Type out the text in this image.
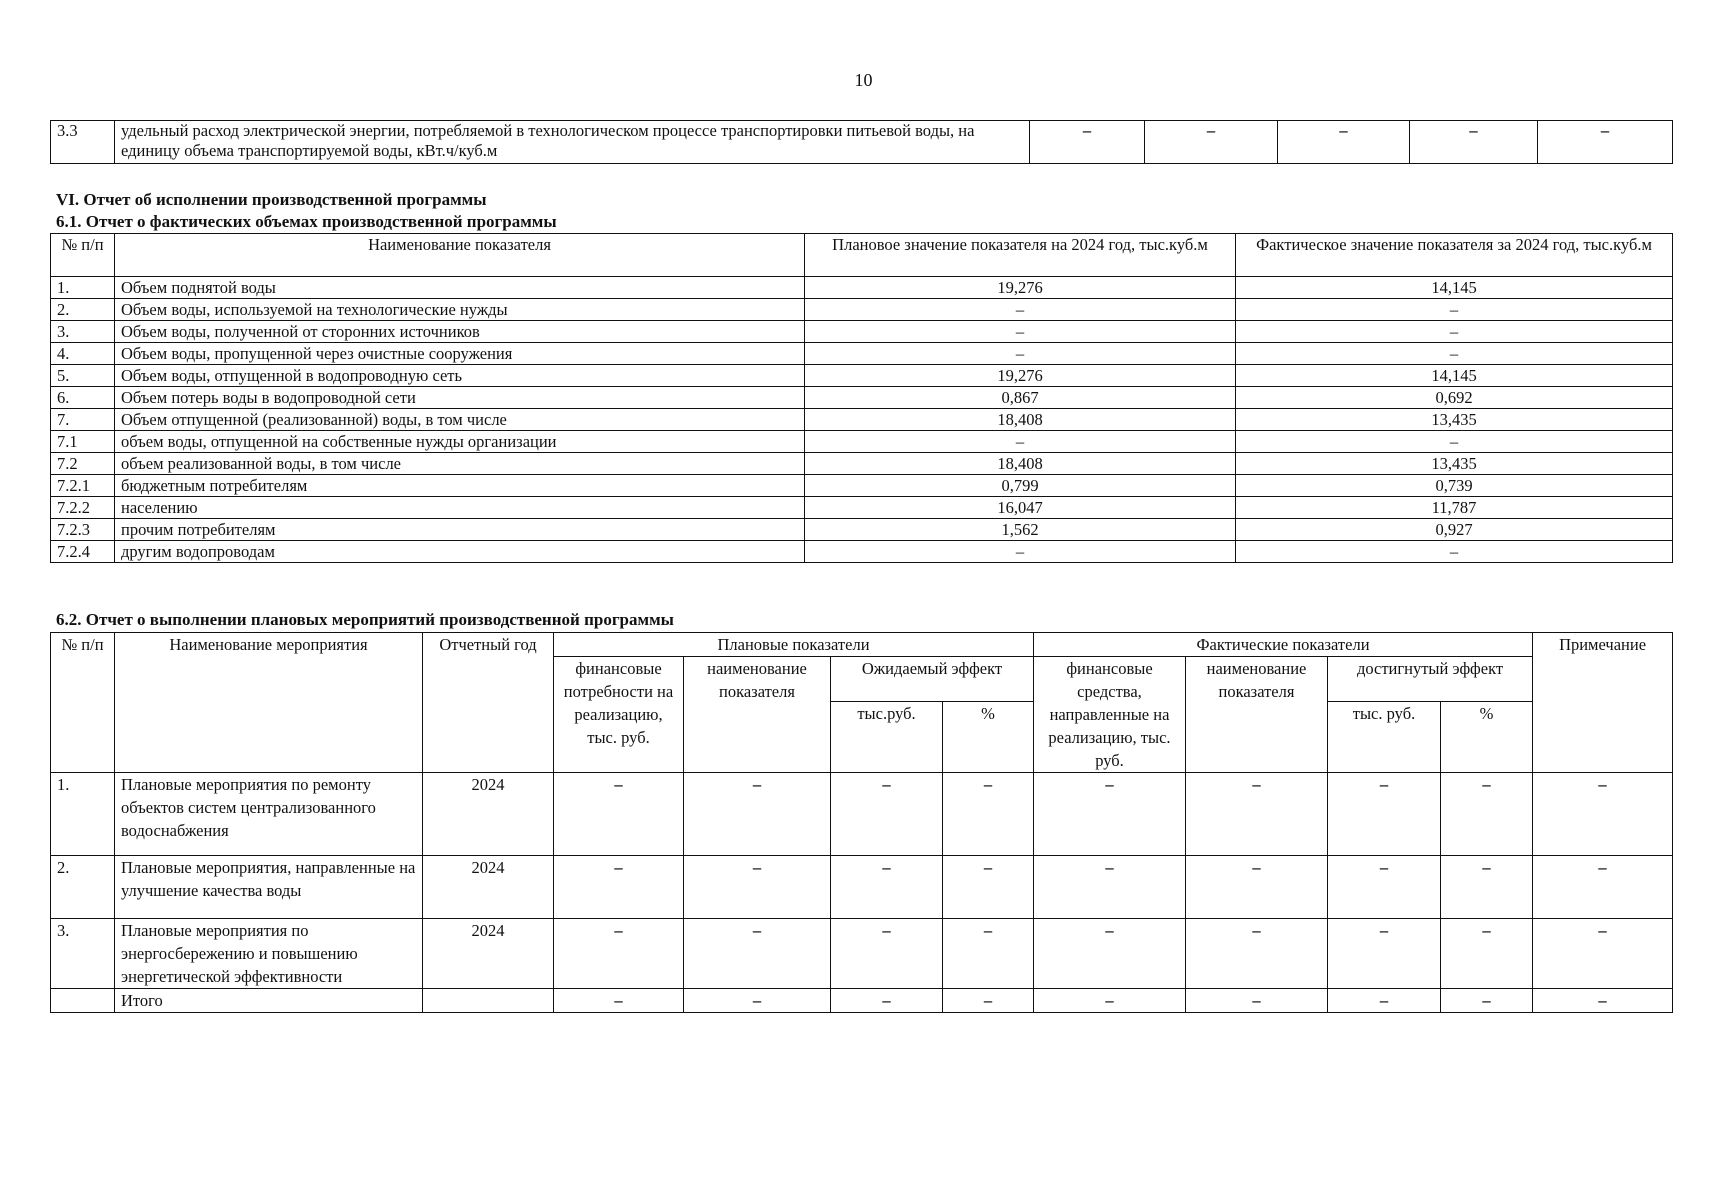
10
3.3	удельный расход электрической энергии, потребляемой в технологическом процессе транспортировки питьевой воды, на единицу объема транспортируемой воды, кВт.ч/куб.м	–	–	–	–	–
VI. Отчет об исполнении производственной программы
6.1. Отчет о фактических объемах производственной программы
№ п/п	Наименование показателя	Плановое значение показателя на 2024 год, тыс.куб.м	Фактическое значение показателя за 2024 год, тыс.куб.м
1.	Объем поднятой воды	19,276	14,145
2.	Объем воды, используемой на технологические нужды	–	–
3.	Объем воды, полученной от сторонних источников	–	–
4.	Объем воды, пропущенной через очистные сооружения	–	–
5.	Объем воды, отпущенной в водопроводную сеть	19,276	14,145
6.	Объем потерь воды в водопроводной сети	0,867	0,692
7.	Объем отпущенной (реализованной) воды, в том числе	18,408	13,435
7.1	объем воды, отпущенной на собственные нужды организации	–	–
7.2	объем реализованной воды, в том числе	18,408	13,435
7.2.1	бюджетным потребителям	0,799	0,739
7.2.2	населению	16,047	11,787
7.2.3	прочим потребителям	1,562	0,927
7.2.4	другим водопроводам	–	–
6.2. Отчет о выполнении плановых мероприятий производственной программы
№ п/п	Наименование мероприятия	Отчетный год	Плановые показатели				Фактические показатели				Примечание
			финансовые потребности на реализацию, тыс. руб.	наименование показателя	Ожидаемый эффект		финансовые средства, направленные на реализацию, тыс. руб.	наименование показателя	достигнутый эффект		
					тыс.руб.	%			тыс. руб.	%	
1.	Плановые мероприятия по ремонту объектов систем централизованного водоснабжения	2024	–	–	–	–	–	–	–	–	–
2.	Плановые мероприятия, направленные на улучшение качества воды	2024	–	–	–	–	–	–	–	–	–
3.	Плановые мероприятия по энергосбережению и повышению энергетической эффективности	2024	–	–	–	–	–	–	–	–	–
	Итого		–	–	–	–	–	–	–	–	–
